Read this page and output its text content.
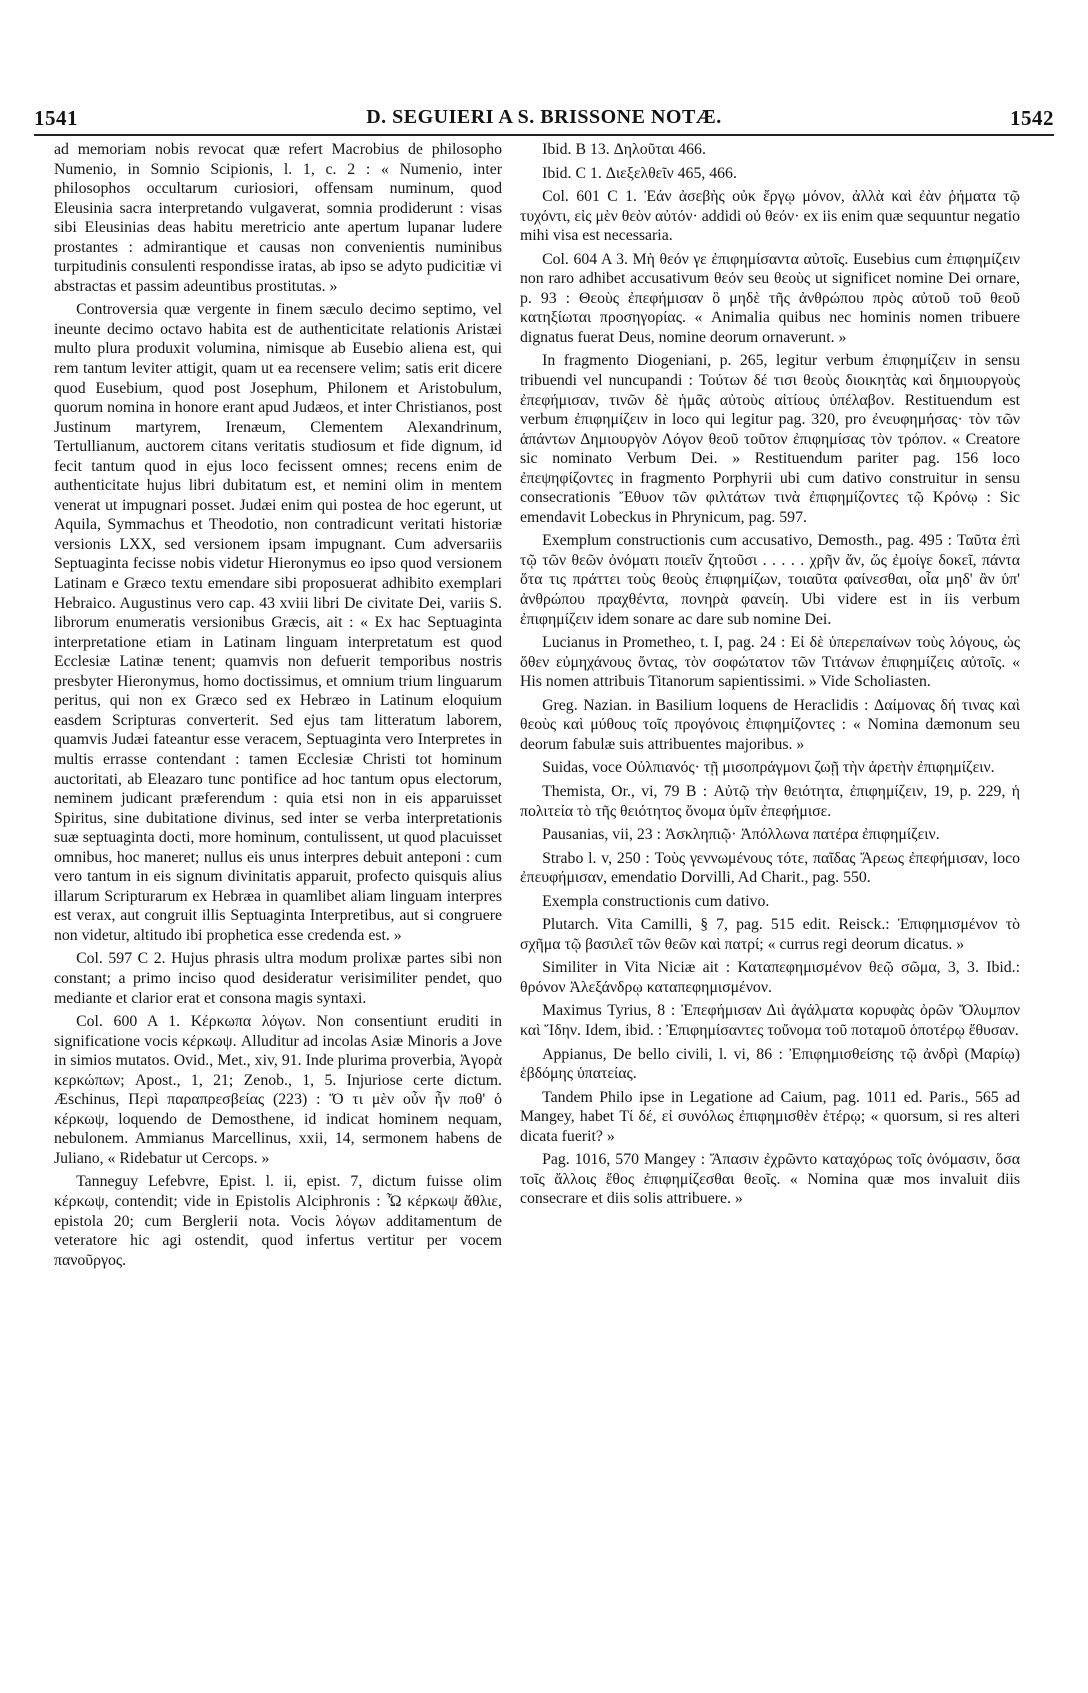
1541	D. SEGUIERI A S. BRISSONE NOTÆ.	1542

ad memoriam nobis revocat quæ refert Macrobius de philosopho Numenio, in Somnio Scipionis, l. 1, c. 2 : « Numenio, inter philosophos occultarum curiosiori, offensam numinum, quod Eleusinia sacra interpretando vulgaverat, somnia prodiderunt : visas sibi Eleusinias deas habitu meretricio ante apertum lupanar ludere prostantes : admirantique et causas non convenientis numinibus turpitudinis consulenti respondisse iratas, ab ipso se adyto pudicitiæ vi abstractas et passim adeuntibus prostitutas. »

Controversia quæ vergente in finem sæculo decimo septimo, vel ineunte decimo octavo habita est de authenticitate relationis Aristæi multo plura produxit volumina, nimisque ab Eusebio aliena est, qui rem tantum leviter attigit, quam ut ea recensere velim; satis erit dicere quod Eusebium, quod post Josephum, Philonem et Aristobulum, quorum nomina in honore erant apud Judæos, et inter Christianos, post Justinum martyrem, Irenæum, Clementem Alexandrinum, Tertullianum, auctorem citans veritatis studiosum et fide dignum, id fecit tantum quod in ejus loco fecissent omnes; recens enim de authenticitate hujus libri dubitatum est, et nemini olim in mentem venerat ut impugnari posset. Judæi enim qui postea de hoc egerunt, ut Aquila, Symmachus et Theodotio, non contradicunt veritati historiæ versionis LXX, sed versionem ipsam impugnant. Cum adversariis Septuaginta fecisse nobis videtur Hieronymus eo ipso quod versionem Latinam e Græco textu emendare sibi proposuerat adhibito exemplari Hebraico. Augustinus vero cap. 43 xviii libri De civitate Dei, variis S. librorum enumeratis versionibus Græcis, ait : « Ex hac Septuaginta interpretatione etiam in Latinam linguam interpretatum est quod Ecclesiæ Latinæ tenent; quamvis non defuerit temporibus nostris presbyter Hieronymus, homo doctissimus, et omnium trium linguarum peritus, qui non ex Græco sed ex Hebræo in Latinum eloquium easdem Scripturas converterit. Sed ejus tam litteratum laborem, quamvis Judæi fateantur esse veracem, Septuaginta vero Interpretes in multis errasse contendant : tamen Ecclesiæ Christi tot hominum auctoritati, ab Eleazaro tunc pontifice ad hoc tantum opus electorum, neminem judicant præferendum : quia etsi non in eis apparuisset Spiritus, sine dubitatione divinus, sed inter se verba interpretationis suæ septuaginta docti, more hominum, contulissent, ut quod placuisset omnibus, hoc maneret; nullus eis unus interpres debuit anteponi : cum vero tantum in eis signum divinitatis apparuit, profecto quisquis alius illarum Scripturarum ex Hebræa in quamlibet aliam linguam interpres est verax, aut congruit illis Septuaginta Interpretibus, aut si congruere non videtur, altitudo ibi prophetica esse credenda est. »

Col. 597 C 2. Hujus phrasis ultra modum prolixæ partes sibi non constant; a primo inciso quod desideratur verisimiliter pendet, quo mediante et clarior erat et consona magis syntaxi.

Col. 600 A 1. Κέρκωπα λόγων. Non consentiunt eruditi in significatione vocis κέρκωψ. Alluditur ad incolas Asiæ Minoris a Jove in simios mutatos. Ovid., Met., xiv, 91. Inde plurima proverbia, Ἀγορὰ κερκώπων; Apost., 1, 21; Zenob., 1, 5. Injuriose certe dictum. Æschinus, Περὶ παραπρεσβείας (223) : Ὅ τι μὲν οὖν ἦν ποθ' ὁ κέρκωψ, loquendo de Demosthene, id indicat hominem nequam, nebulonem. Ammianus Marcellinus, xxii, 14, sermonem habens de Juliano, « Ridebatur ut Cercops. »

Tanneguy Lefebvre, Epist. l. ii, epist. 7, dictum fuisse olim κέρκωψ, contendit; vide in Epistolis Alciphronis : Ὦ κέρκωψ ἄθλιε, epistola 20; cum Berglerii nota. Vocis λόγων additamentum de veteratore hic agi ostendit, quod infertus vertitur per vocem πανοῦργος.

Ibid. B 13. Δηλοῦται 466.

Ibid. C 1. Διεξελθεῖν 465, 466.

Col. 601 C 1. Ἐάν ἀσεβὴς οὐκ ἔργῳ μόνον, ἀλλὰ καὶ ἐὰν ῥήματα τῷ τυχόντι, εἰς μὲν θεὸν αὐτόν· addidi οὐ θεόν· ex iis enim quæ sequuntur negatio mihi visa est necessaria.

Col. 604 A 3. Μὴ θεόν γε ἐπιφημίσαντα αὐτοῖς. Eusebius cum ἐπιφημίζειν non raro adhibet accusativum θεόν seu θεοὺς ut significet nomine Dei ornare, p. 93 : Θεοὺς ἐπεφήμισαν ὃ μηδὲ τῆς ἀνθρώπου πρὸς αὐτοῦ τοῦ θεοῦ κατηξίωται προσηγορίας. « Animalia quibus nec hominis nomen tribuere dignatus fuerat Deus, nomine deorum ornaverunt. »

In fragmento Diogeniani, p. 265, legitur verbum ἐπιφημίζειν in sensu tribuendi vel nuncupandi : Τούτων δέ τισι θεοὺς διοικητὰς καὶ δημιουργοὺς ἐπεφήμισαν, τινῶν δὲ ἡμᾶς αὐτοὺς αἰτίους ὑπέλαβον. Restituendum est verbum ἐπιφημίζειν in loco qui legitur pag. 320, pro ἐνευφημήσας· τὸν τῶν ἁπάντων Δημιουργὸν Λόγον θεοῦ τοῦτον ἐπιφημίσας τὸν τρόπον. « Creatore sic nominato Verbum Dei. » Restituendum pariter pag. 156 loco ἐπεψηφίζοντες in fragmento Porphyrii ubi cum dativo construitur in sensu consecrationis Ἔθυον τῶν φιλτάτων τινὰ ἐπιφημίζοντες τῷ Κρόνῳ : Sic emendavit Lobeckus in Phrynicum, pag. 597.

Exemplum constructionis cum accusativo, Demosth., pag. 495 : Ταῦτα ἐπὶ τῷ τῶν θεῶν ὀνόματι ποιεῖν ζητοῦσι . . . . . χρῆν ἄν, ὥς ἐμοίγε δοκεῖ, πάντα ὅτα τις πράττει τοὺς θεοὺς ἐπιφημίζων, τοιαῦτα φαίνεσθαι, οἷα μηδ' ἂν ὑπ' ἀνθρώπου πραχθέντα, πονηρὰ φανείη. Ubi videre est in iis verbum ἐπιφημίζειν idem sonare ac dare sub nomine Dei.

Lucianus in Prometheo, t. I, pag. 24 : Εἰ δὲ ὑπερεπαίνων τοὺς λόγους, ὡς ὅθεν εὐμηχάνους ὄντας, τὸν σοφώτατον τῶν Τιτάνων ἐπιφημίζεις αὐτοῖς. « His nomen attribuis Titanorum sapientissimi. » Vide Scholiasten.

Greg. Nazian. in Basilium loquens de Heraclidis : Δαίμονας δή τινας καὶ θεοὺς καὶ μύθους τοῖς προγόνοις ἐπιφημίζοντες : « Nomina dæmonum seu deorum fabulæ suis attribuentes majoribus. »

Suidas, voce Οὐλπιανός· τῇ μισοπράγμονι ζωῇ τὴν ἀρετὴν ἐπιφημίζειν.

Themista, Or., vi, 79 B : Αὐτῷ τὴν θειότητα, ἐπιφημίζειν, 19, p. 229, ἡ πολιτεία τὸ τῆς θειότητος ὄνομα ὑμῖν ἐπεφήμισε.

Pausanias, vii, 23 : Ἀσκληπιῷ· Ἀπόλλωνα πατέρα ἐπιφημίζειν.

Strabo l. v, 250 : Τοὺς γεννωμένους τότε, παῖδας Ἄρεως ἐπεφήμισαν, loco ἐπευφήμισαν, emendatio Dorvilli, Ad Charit., pag. 550.

Exempla constructionis cum dativo.

Plutarch. Vita Camilli, § 7, pag. 515 edit. Reisck.: Ἐπιφημισμένον τὸ σχῆμα τῷ βασιλεῖ τῶν θεῶν καὶ πατρί; « currus regi deorum dicatus. »

Similiter in Vita Niciæ ait : Καταπεφημισμένον θεῷ σῶμα, 3, 3. Ibid.: θρόνον Ἀλεξάνδρῳ καταπεφημισμένον.

Maximus Tyrius, 8 : Ἐπεφήμισαν Διὶ ἀγάλματα κορυφὰς ὀρῶν Ὄλυμπον καὶ Ἴδην. Idem, ibid. : Ἐπιφημίσαντες τοὔνομα τοῦ ποταμοῦ ὁποτέρῳ ἔθυσαν.

Appianus, De bello civili, l. vi, 86 : Ἐπιφημισθείσης τῷ ἀνδρὶ (Μαρίῳ) ἑβδόμης ὑπατείας.

Tandem Philo ipse in Legatione ad Caium, pag. 1011 ed. Paris., 565 ad Mangey, habet Τί δέ, εἰ συνόλως ἐπιφημισθὲν ἑτέρῳ; « quorsum, si res alteri dicata fuerit? »

Pag. 1016, 570 Mangey : Ἅπασιν ἐχρῶντο καταχόρως τοῖς ὀνόμασιν, ὅσα τοῖς ἄλλοις ἔθος ἐπιφημίζεσθαι θεοῖς. « Nomina quæ mos invaluit diis consecrare et diis solis attribuere. »
